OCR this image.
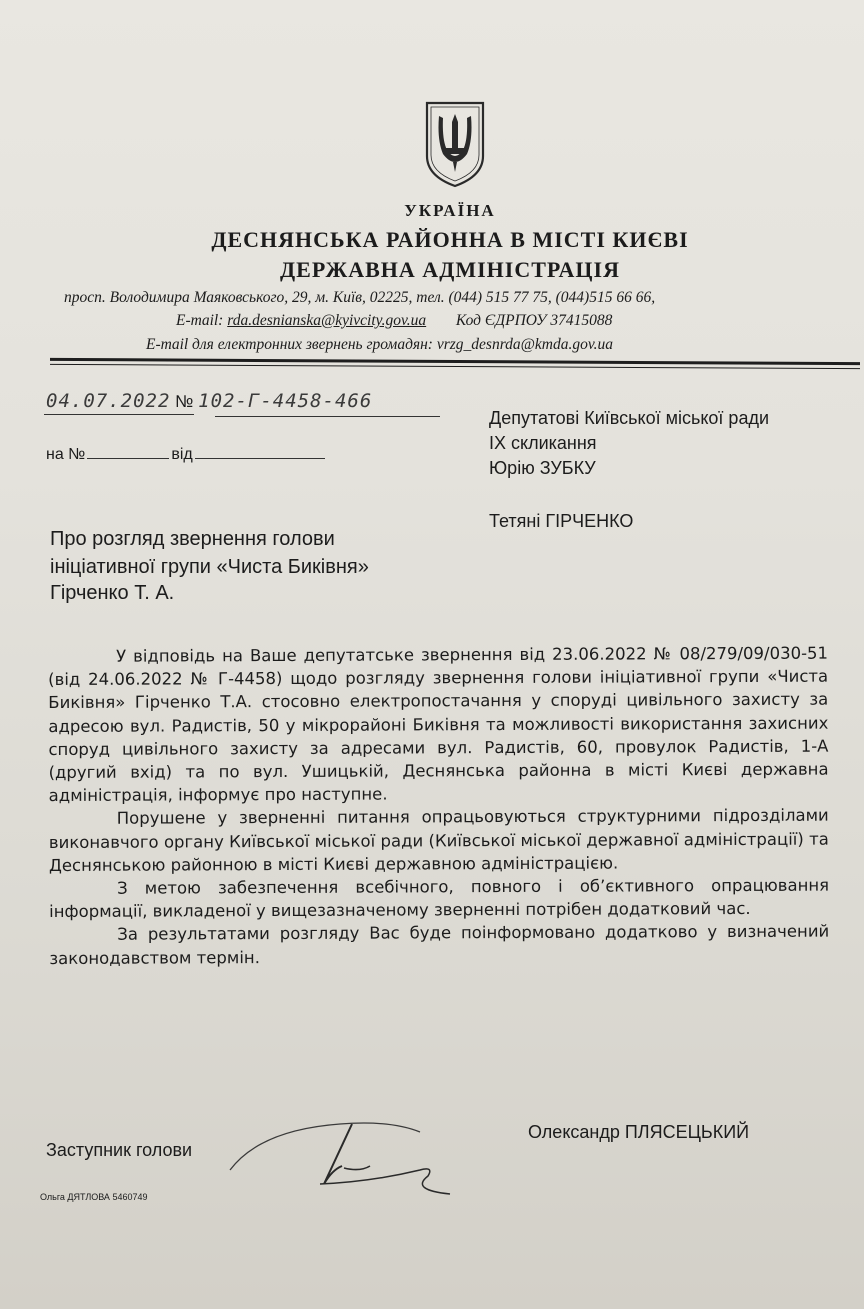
УКРАЇНА
ДЕСНЯНСЬКА РАЙОННА В МІСТІ КИЄВІ
ДЕРЖАВНА АДМІНІСТРАЦІЯ
просп. Володимира Маяковського, 29, м. Київ, 02225, тел. (044) 515 77 75, (044)515 66 66,
E-mail: rda.desnianska@kyivcity.gov.ua Код ЄДРПОУ 37415088
E-mail для електронних звернень громадян: vrzg_desnrda@kmda.gov.ua
04.07.2022 № 102-Г-4458-466
на №	від
Депутатові Київської міської ради
IX скликання
Юрію ЗУБКУ
Тетяні ГІРЧЕНКО
Про розгляд звернення голови
ініціативної групи «Чиста Биківня»
Гірченко Т. А.

У відповідь на Ваше депутатське звернення від 23.06.2022 № 08/279/09/030-51 (від 24.06.2022 № Г-4458) щодо розгляду звернення голови ініціативної групи «Чиста Биківня» Гірченко Т.А. стосовно електропостачання у споруді цивільного захисту за адресою вул. Радистів, 50 у мікрорайоні Биківня та можливості використання захисних споруд цивільного захисту за адресами вул. Радистів, 60, провулок Радистів, 1-А (другий вхід) та по вул. Ушицькій, Деснянська районна в місті Києві державна адміністрація, інформує про наступне.

Порушене у зверненні питання опрацьовуються структурними підрозділами виконавчого органу Київської міської ради (Київської міської державної адміністрації) та Деснянською районною в місті Києві державною адміністрацією.

З метою забезпечення всебічного, повного і об’єктивного опрацювання інформації, викладеної у вищезазначеному зверненні потрібен додатковий час.

За результатами розгляду Вас буде поінформовано додатково у визначений законодавством термін.

Заступник голови
Олександр ПЛЯСЕЦЬКИЙ
Ольга ДЯТЛОВА 5460749
